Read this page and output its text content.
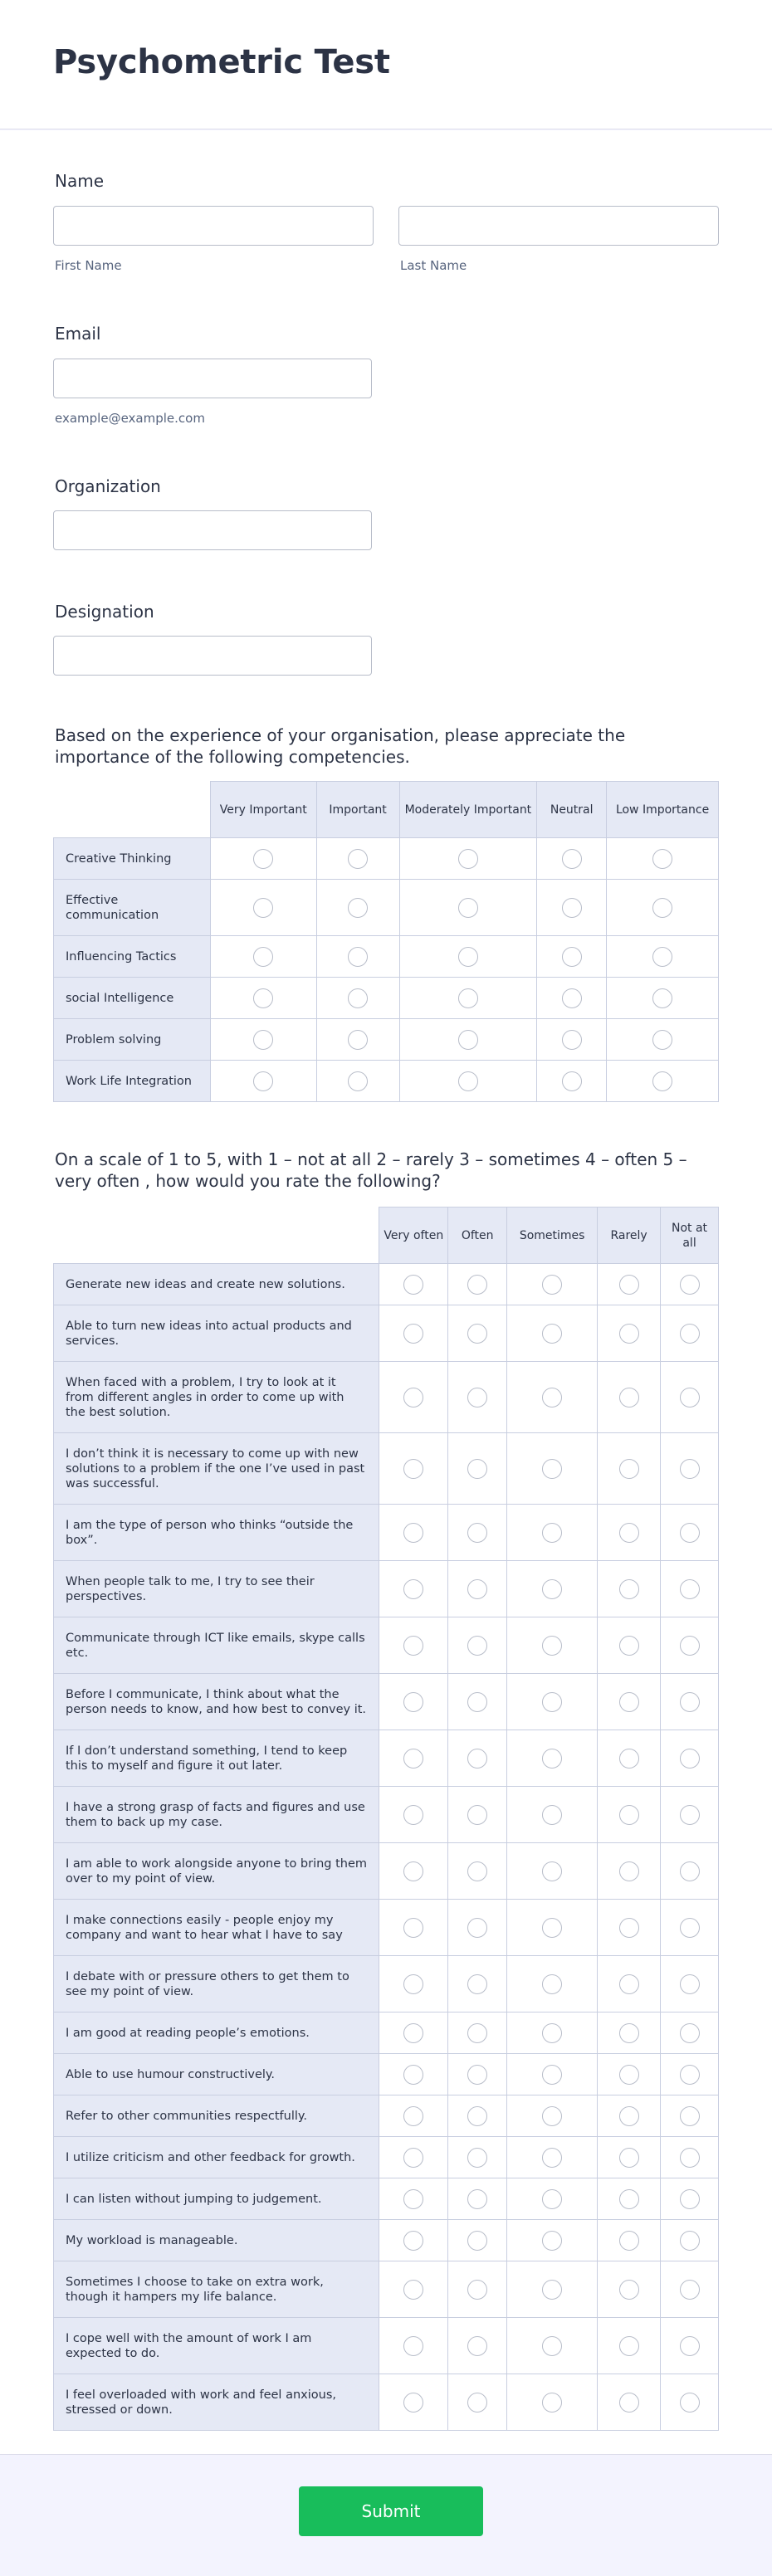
Psychometric Test
Name
First Name	Last Name
Email
example@example.com
Organization
Designation
Based on the experience of your organisation, please appreciate the importance of the following competencies.
	Very Important	Important	Moderately Important	Neutral	Low Importance
Creative Thinking					
Effective communication					
Influencing Tactics					
social Intelligence					
Problem solving					
Work Life Integration					
On a scale of 1 to 5, with 1 – not at all 2 – rarely 3 – sometimes 4 – often 5 – very often , how would you rate the following?
	Very often	Often	Sometimes	Rarely	Not at all
Generate new ideas and create new solutions.					
Able to turn new ideas into actual products and services.					
When faced with a problem, I try to look at it from different angles in order to come up with the best solution.					
I don’t think it is necessary to come up with new solutions to a problem if the one I’ve used in past was successful.					
I am the type of person who thinks “outside the box”.					
When people talk to me, I try to see their perspectives.					
Communicate through ICT like emails, skype calls etc.					
Before I communicate, I think about what the person needs to know, and how best to convey it.					
If I don’t understand something, I tend to keep this to myself and figure it out later.					
I have a strong grasp of facts and figures and use them to back up my case.					
I am able to work alongside anyone to bring them over to my point of view.					
I make connections easily - people enjoy my company and want to hear what I have to say					
I debate with or pressure others to get them to see my point of view.					
I am good at reading people’s emotions.					
Able to use humour constructively.					
Refer to other communities respectfully.					
I utilize criticism and other feedback for growth.					
I can listen without jumping to judgement.					
My workload is manageable.					
Sometimes I choose to take on extra work, though it hampers my life balance.					
I cope well with the amount of work I am expected to do.					
I feel overloaded with work and feel anxious, stressed or down.					
Submit
